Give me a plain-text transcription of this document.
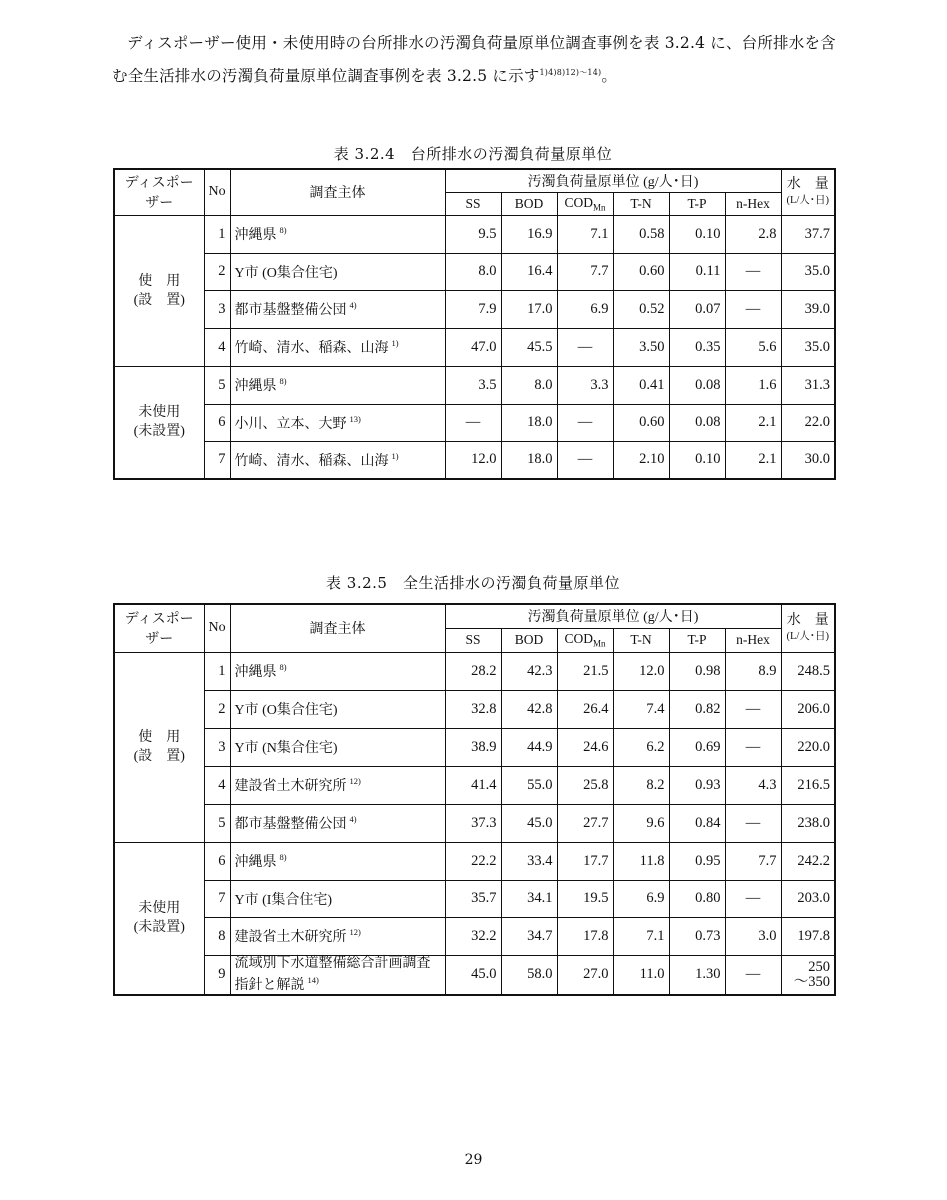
ディスポーザー使用・未使用時の台所排水の汚濁負荷量原単位調査事例を表 3.2.4 に、台所排水を含む全生活排水の汚濁負荷量原単位調査事例を表 3.2.5 に示す$^{1)4)8)12)\sim 14)}$。
表 3.2.4　台所排水の汚濁負荷量原単位
ディスポーザー	No	調査主体	汚濁負荷量原単位 (g/人･日)						水　量
(L/人･日)
			SS	BOD	$COD_{Mn}$	T-N	T-P	n-Hex	
使　用
(設　置)	1	沖縄県 $^{8)}$	9.5	16.9	7.1	0.58	0.10	2.8	37.7
	2	Y市 (O集合住宅)	8.0	16.4	7.7	0.60	0.11	—	35.0
	3	都市基盤整備公団 $^{4)}$	7.9	17.0	6.9	0.52	0.07	—	39.0
	4	竹崎、清水、稲森、山海 $^{1)}$	47.0	45.5	—	3.50	0.35	5.6	35.0
未使用
(未設置)	5	沖縄県 $^{8)}$	3.5	8.0	3.3	0.41	0.08	1.6	31.3
	6	小川、立本、大野 $^{13)}$	—	18.0	—	0.60	0.08	2.1	22.0
	7	竹崎、清水、稲森、山海 $^{1)}$	12.0	18.0	—	2.10	0.10	2.1	30.0
表 3.2.5　全生活排水の汚濁負荷量原単位
ディスポーザー	No	調査主体	汚濁負荷量原単位 (g/人･日)						水　量
(L/人･日)
			SS	BOD	$COD_{Mn}$	T-N	T-P	n-Hex	
使　用
(設　置)	1	沖縄県 $^{8)}$	28.2	42.3	21.5	12.0	0.98	8.9	248.5
	2	Y市 (O集合住宅)	32.8	42.8	26.4	7.4	0.82	—	206.0
	3	Y市 (N集合住宅)	38.9	44.9	24.6	6.2	0.69	—	220.0
	4	建設省土木研究所 $^{12)}$	41.4	55.0	25.8	8.2	0.93	4.3	216.5
	5	都市基盤整備公団 $^{4)}$	37.3	45.0	27.7	9.6	0.84	—	238.0
未使用
(未設置)	6	沖縄県 $^{8)}$	22.2	33.4	17.7	11.8	0.95	7.7	242.2
	7	Y市 (I集合住宅)	35.7	34.1	19.5	6.9	0.80	—	203.0
	8	建設省土木研究所 $^{12)}$	32.2	34.7	17.8	7.1	0.73	3.0	197.8
	9	流域別下水道整備総合計画調査
指針と解説 $^{14)}$	45.0	58.0	27.0	11.0	1.30	—	250
～350
29
